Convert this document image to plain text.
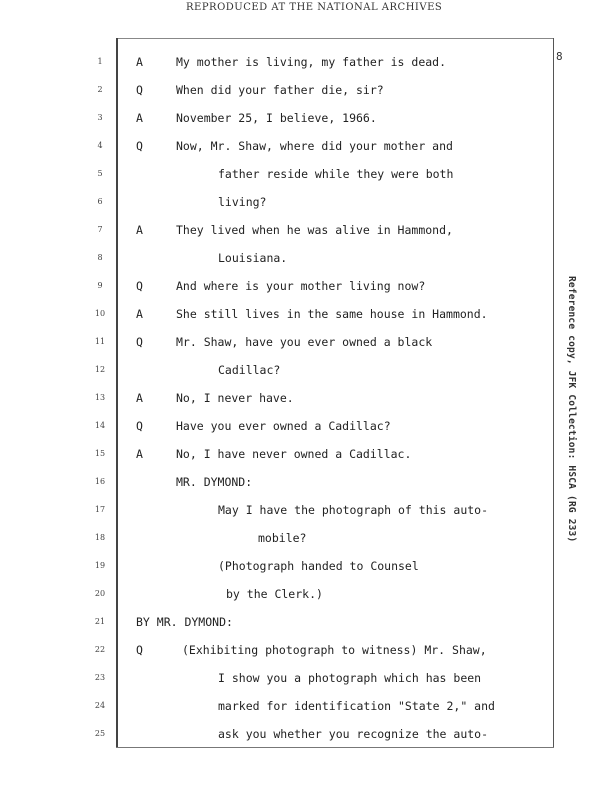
REPRODUCED AT THE NATIONAL ARCHIVES
8
1	A	My mother is living, my father is dead.
2	Q	When did your father die, sir?
3	A	November 25, I believe, 1966.
4	Q	Now, Mr. Shaw, where did your mother and
5	father reside while they were both
6	living?
7	A	They lived when he was alive in Hammond,
8	Louisiana.
9	Q	And where is your mother living now?
10	A	She still lives in the same house in Hammond.
11	Q	Mr. Shaw, have you ever owned a black
12	Cadillac?
13	A	No, I never have.
14	Q	Have you ever owned a Cadillac?
15	A	No, I have never owned a Cadillac.
16	MR. DYMOND:
17	May I have the photograph of this auto-
18	mobile?
19	(Photograph handed to Counsel
20	by the Clerk.)
21	BY MR. DYMOND:
22	Q	(Exhibiting photograph to witness) Mr. Shaw,
23	I show you a photograph which has been
24	marked for identification "State 2," and
25	ask you whether you recognize the auto-
Reference copy, JFK Collection: HSCA (RG 233)
